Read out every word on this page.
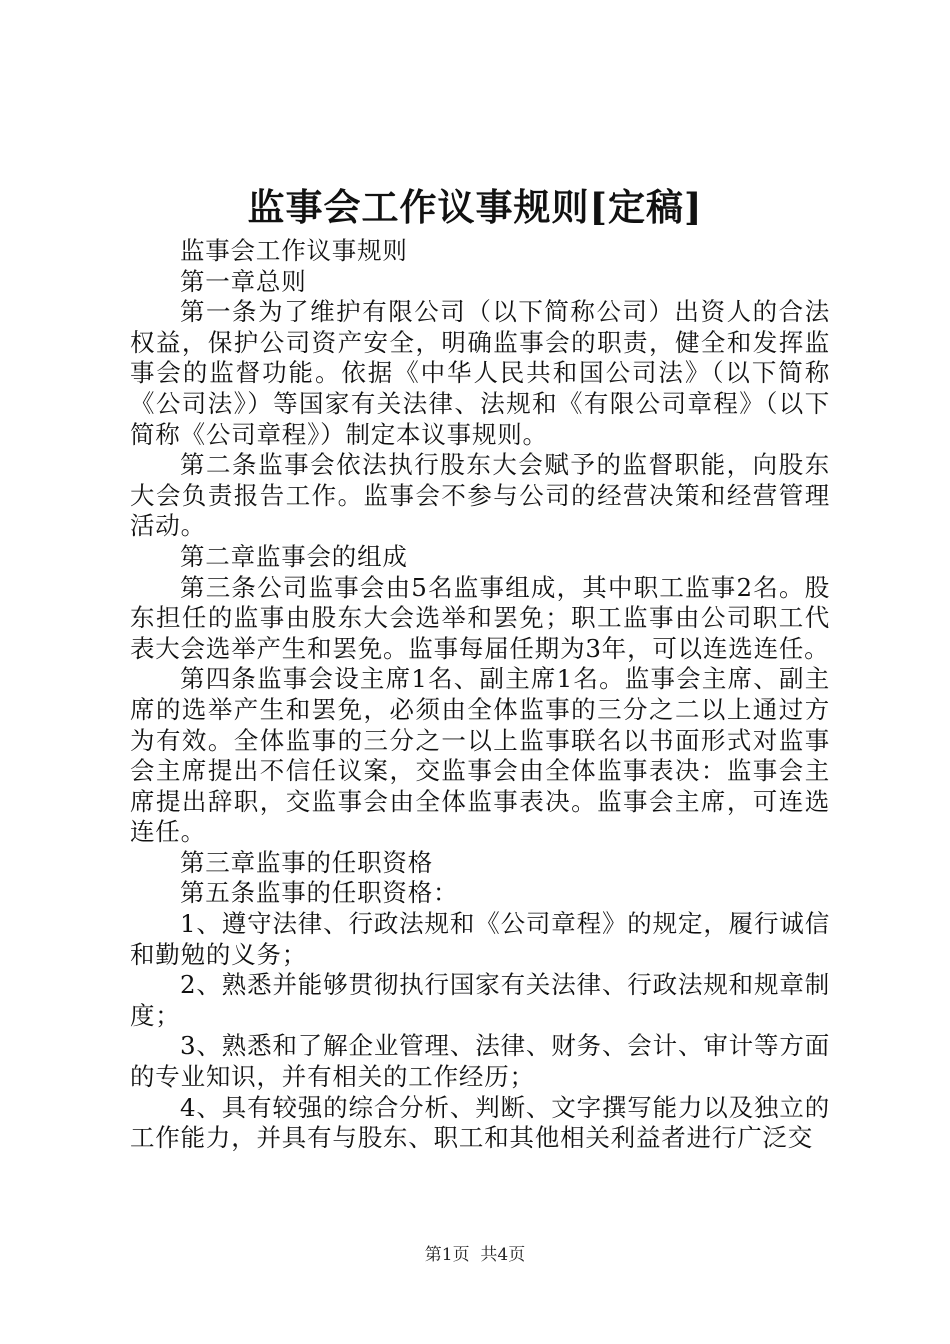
监事会工作议事规则[定稿]

监事会工作议事规则

第一章总则

第一条为了维护有限公司（以下简称公司）出资人的合法权益，保护公司资产安全，明确监事会的职责，健全和发挥监事会的监督功能。依据《中华人民共和国公司法》（以下简称《公司法》）等国家有关法律、法规和《有限公司章程》（以下简称《公司章程》）制定本议事规则。

第二条监事会依法执行股东大会赋予的监督职能，向股东大会负责报告工作。监事会不参与公司的经营决策和经营管理活动。

第二章监事会的组成

第三条公司监事会由5名监事组成，其中职工监事2名。股东担任的监事由股东大会选举和罢免；职工监事由公司职工代表大会选举产生和罢免。监事每届任期为3年，可以连选连任。

第四条监事会设主席1名、副主席1名。监事会主席、副主席的选举产生和罢免，必须由全体监事的三分之二以上通过方为有效。全体监事的三分之一以上监事联名以书面形式对监事会主席提出不信任议案，交监事会由全体监事表决：监事会主席提出辞职，交监事会由全体监事表决。监事会主席，可连选连任。

第三章监事的任职资格

第五条监事的任职资格：

1、遵守法律、行政法规和《公司章程》的规定，履行诚信和勤勉的义务；

2、熟悉并能够贯彻执行国家有关法律、行政法规和规章制度；

3、熟悉和了解企业管理、法律、财务、会计、审计等方面的专业知识，并有相关的工作经历；

4、具有较强的综合分析、判断、文字撰写能力以及独立的工作能力，并具有与股东、职工和其他相关利益者进行广泛交

第1页 共4页
